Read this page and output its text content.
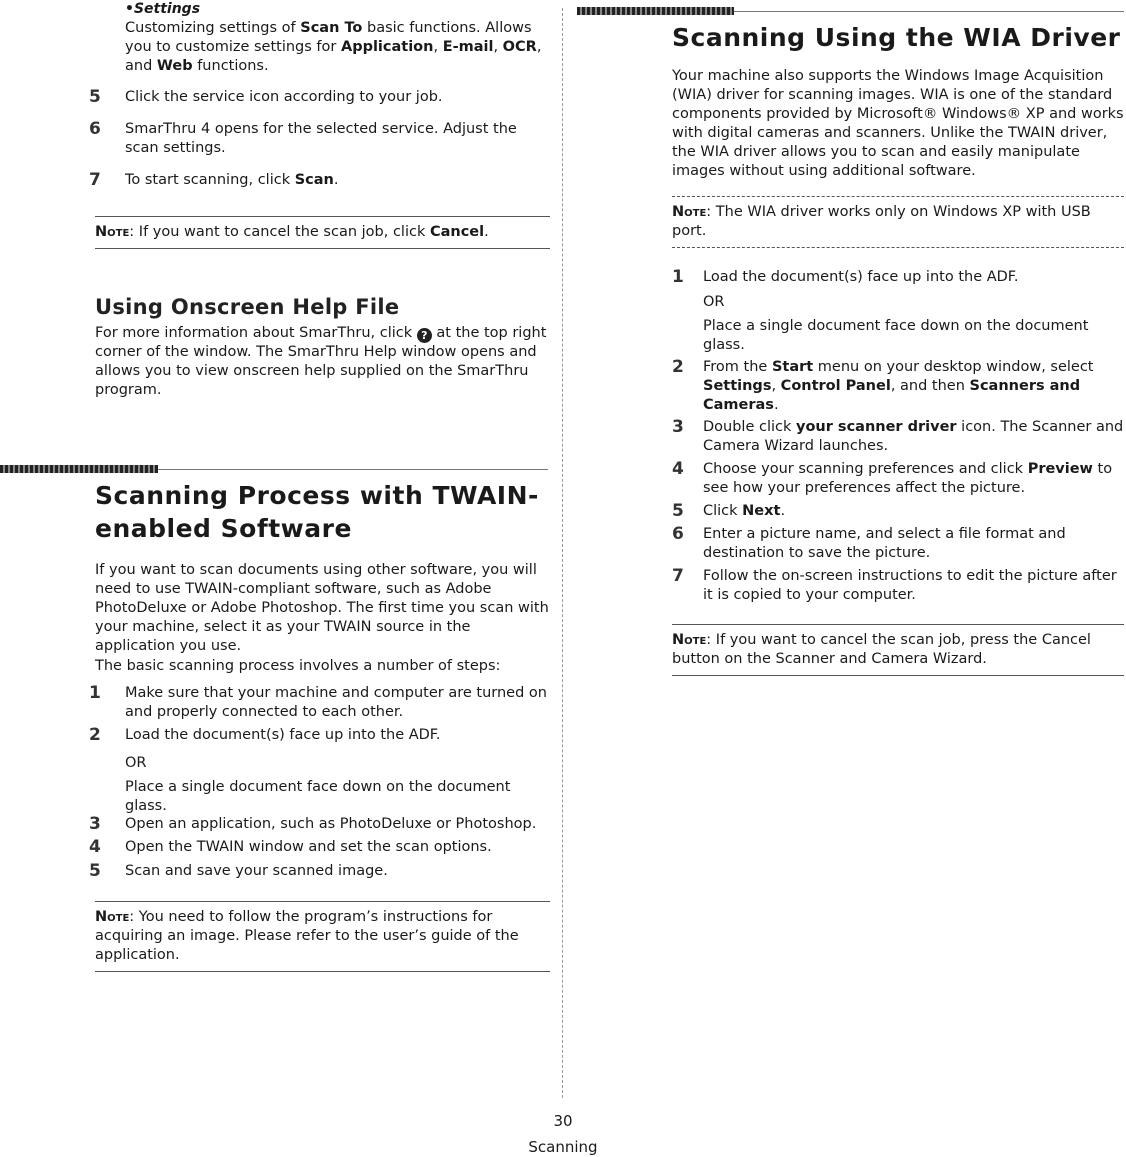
•Settings

Customizing settings of Scan To basic functions. Allows you to customize settings for Application, E-mail, OCR, and Web functions.

5	Click the service icon according to your job.

6	SmarThru 4 opens for the selected service. Adjust the scan settings.

7	To start scanning, click Scan.

Note: If you want to cancel the scan job, click Cancel.
Using Onscreen Help File

For more information about SmarThru, click ? at the top right corner of the window. The SmarThru Help window opens and allows you to view onscreen help supplied on the SmarThru program.

Scanning Process with TWAIN-enabled Software

If you want to scan documents using other software, you will need to use TWAIN-compliant software, such as Adobe PhotoDeluxe or Adobe Photoshop. The first time you scan with your machine, select it as your TWAIN source in the application you use.

The basic scanning process involves a number of steps:

1	Make sure that your machine and computer are turned on and properly connected to each other.

2	Load the document(s) face up into the ADF.

OR

Place a single document face down on the document glass.

3	Open an application, such as PhotoDeluxe or Photoshop.

4	Open the TWAIN window and set the scan options.

5	Scan and save your scanned image.

Note: You need to follow the program’s instructions for acquiring an image. Please refer to the user’s guide of the application.
Scanning Using the WIA Driver

Your machine also supports the Windows Image Acquisition (WIA) driver for scanning images. WIA is one of the standard components provided by Microsoft® Windows® XP and works with digital cameras and scanners. Unlike the TWAIN driver, the WIA driver allows you to scan and easily manipulate images without using additional software.

Note: The WIA driver works only on Windows XP with USB port.
1	Load the document(s) face up into the ADF.

OR

Place a single document face down on the document glass.

2	From the Start menu on your desktop window, select Settings, Control Panel, and then Scanners and Cameras.

3	Double click your scanner driver icon. The Scanner and Camera Wizard launches.

4	Choose your scanning preferences and click Preview to see how your preferences affect the picture.

5	Click Next.

6	Enter a picture name, and select a file format and destination to save the picture.

7	Follow the on-screen instructions to edit the picture after it is copied to your computer.

Note: If you want to cancel the scan job, press the Cancel button on the Scanner and Camera Wizard.
30
Scanning
